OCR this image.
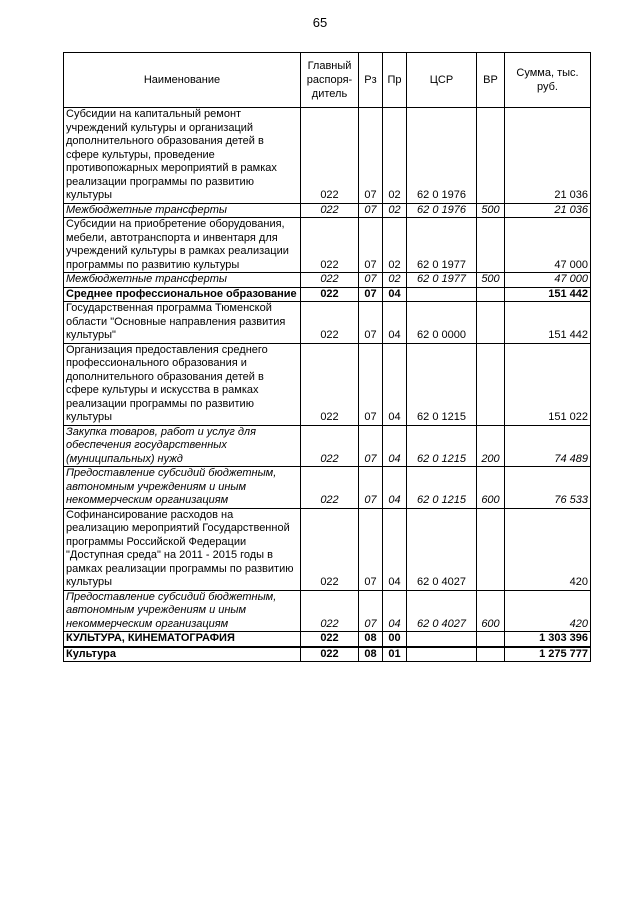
65
Наименование	Главный распоря-дитель	Рз	Пр	ЦСР	ВР	Сумма, тыс. руб.
Субсидии на капитальный ремонт учреждений культуры и организаций дополнительного образования детей в сфере культуры, проведение противопожарных мероприятий в рамках реализации программы по развитию культуры	022	07	02	62 0 1976		21 036
Межбюджетные трансферты	022	07	02	62 0 1976	500	21 036
Субсидии на приобретение оборудования, мебели, автотранспорта и инвентаря для учреждений культуры в рамках реализации программы по развитию культуры	022	07	02	62 0 1977		47 000
Межбюджетные трансферты	022	07	02	62 0 1977	500	47 000
Среднее профессиональное образование	022	07	04			151 442
Государственная программа Тюменской области "Основные направления развития культуры"	022	07	04	62 0 0000		151 442
Организация предоставления среднего профессионального образования и дополнительного образования детей в сфере культуры и искусства в рамках реализации программы по развитию культуры	022	07	04	62 0 1215		151 022
Закупка товаров, работ и услуг для обеспечения государственных (муниципальных) нужд	022	07	04	62 0 1215	200	74 489
Предоставление субсидий бюджетным, автономным учреждениям и иным некоммерческим организациям	022	07	04	62 0 1215	600	76 533
Софинансирование расходов на реализацию мероприятий Государственной программы Российской Федерации "Доступная среда" на 2011 - 2015 годы в рамках реализации программы по развитию культуры	022	07	04	62 0 4027		420
Предоставление субсидий бюджетным, автономным учреждениям и иным некоммерческим организациям	022	07	04	62 0 4027	600	420
КУЛЬТУРА, КИНЕМАТОГРАФИЯ	022	08	00			1 303 396
Культура	022	08	01			1 275 777
